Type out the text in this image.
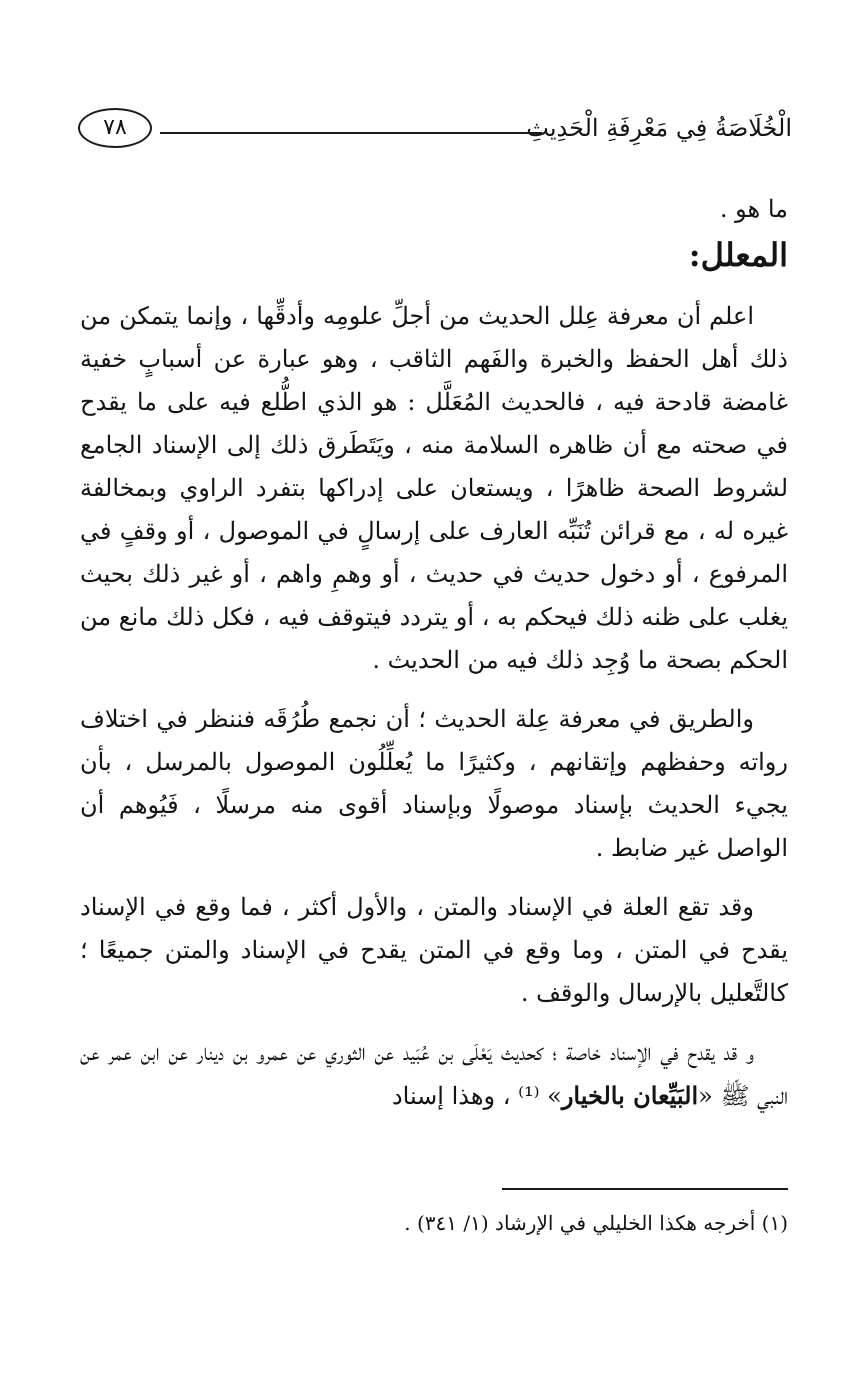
الْخُلَاصَةُ فِي مَعْرِفَةِ الْحَدِيثِ
٧٨

ما هو .

المعلل:

اعلم أن معرفة عِلل الحديث من أجلِّ علومِه وأدقِّها ، وإنما يتمكن من ذلك أهل الحفظ والخبرة والفَهم الثاقب ، وهو عبارة عن أسبابٍ خفية غامضة قادحة فيه ، فالحديث المُعَلَّل : هو الذي اطُّلع فيه على ما يقدح في صحته مع أن ظاهره السلامة منه ، ويَتَطَرق ذلك إلى الإسناد الجامع لشروط الصحة ظاهرًا ، ويستعان على إدراكها بتفرد الراوي وبمخالفة غيره له ، مع قرائن تُنَبِّه العارف على إرسالٍ في الموصول ، أو وقفٍ في المرفوع ، أو دخول حديث في حديث ، أو وهمِ واهم ، أو غير ذلك بحيث يغلب على ظنه ذلك فيحكم به ، أو يتردد فيتوقف فيه ، فكل ذلك مانع من الحكم بصحة ما وُجِد ذلك فيه من الحديث .

والطريق في معرفة عِلة الحديث ؛ أن نجمع طُرُقَه فننظر في اختلاف رواته وحفظهم وإتقانهم ، وكثيرًا ما يُعلِّلُون الموصول بالمرسل ، بأن يجيء الحديث بإسناد موصولًا وبإسناد أقوى منه مرسلًا ، فَيُوهم أن الواصل غير ضابط .

وقد تقع العلة في الإسناد والمتن ، والأول أكثر ، فما وقع في الإسناد يقدح في المتن ، وما وقع في المتن يقدح في الإسناد والمتن جميعًا ؛ كالتَّعليل بالإرسال والوقف .

و قد يقدح في الإسناد خاصة ؛ كحديث يَعْلَى بن عُبَيد عن الثوري عن عمرو بن دينار عن ابن عمر عن النبي ﷺ «البَيِّعان بالخيار» ⁽¹⁾ ، وهذا إسناد

(١) أخرجه هكذا الخليلي في الإرشاد (١/ ٣٤١) .
